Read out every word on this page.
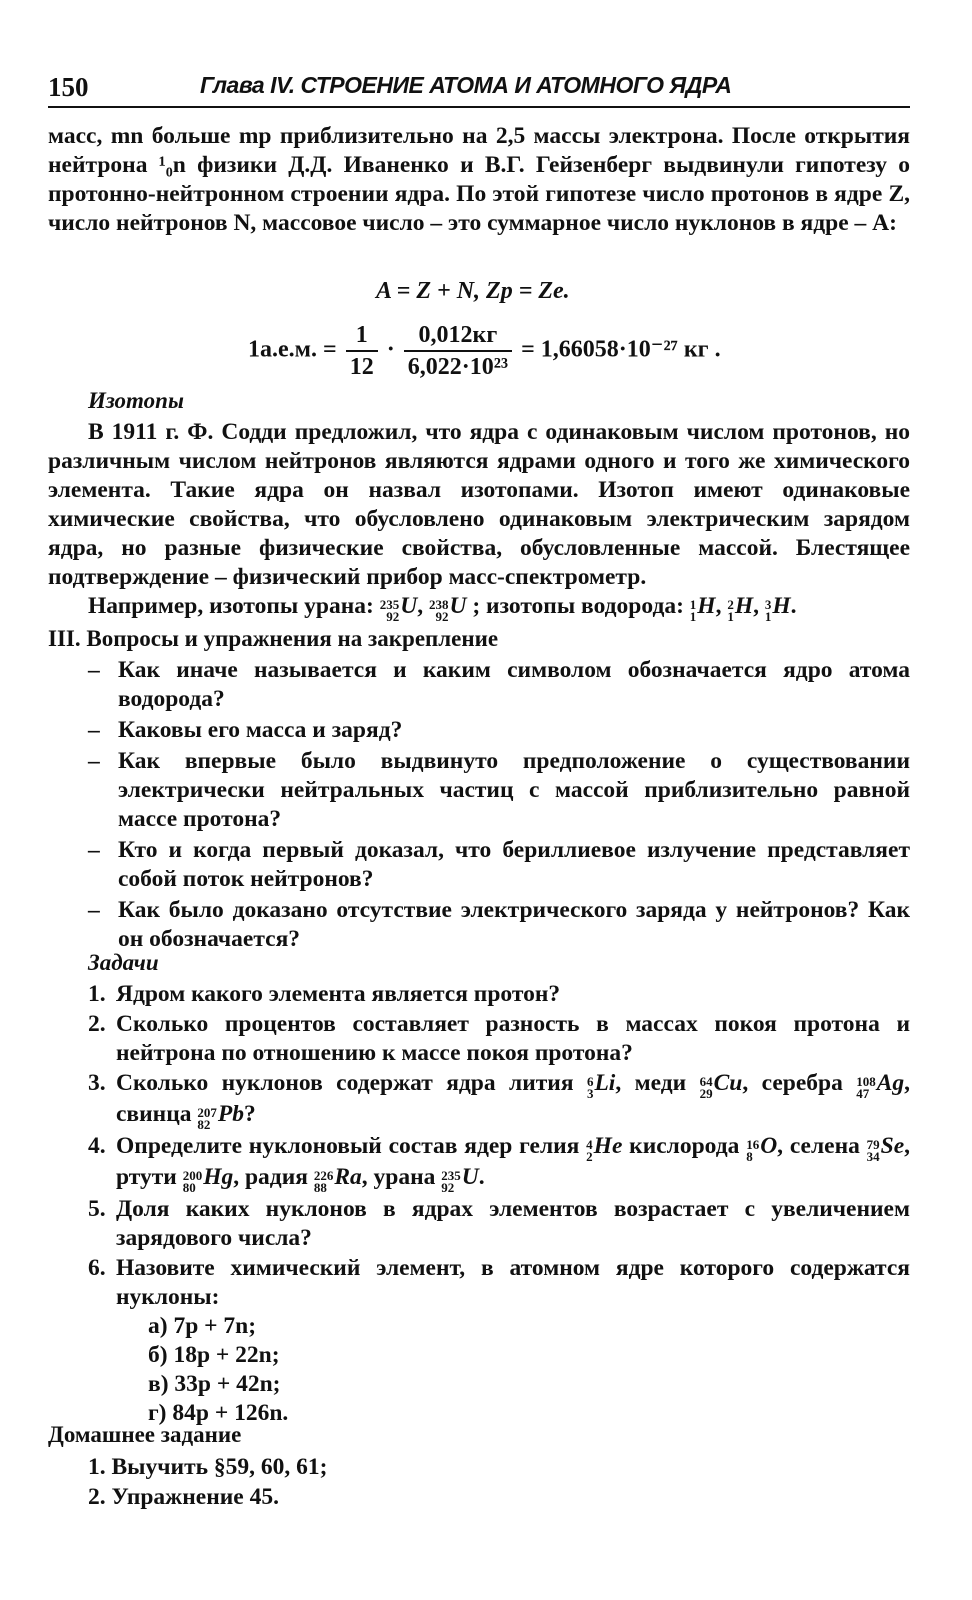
150	Глава IV. СТРОЕНИЕ АТОМА И АТОМНОГО ЯДРА
масс, mn больше mp приблизительно на 2,5 массы электрона. После открытия нейтрона ¹₀n физики Д.Д. Иваненко и В.Г. Гейзенберг выдвинули гипотезу о протонно-нейтронном строении ядра. По этой гипотезе число протонов в ядре Z, число нейтронов N, массовое число – это суммарное число нуклонов в ядре – A:
A = Z + N, Zp = Ze.
1а.е.м. = $\frac{1}{12} \cdot \frac{0,012кг}{\text{6,022·10²³}} = 1,66058\cdot 10^{-27}$ кг .
Изотопы
В 1911 г. Ф. Содди предложил, что ядра с одинаковым числом протонов, но различным числом нейтронов являются ядрами одного и того же химического элемента. Такие ядра он назвал изотопами. Изотоп имеют одинаковые химические свойства, что обусловлено одинаковым электрическим зарядом ядра, но разные физические свойства, обусловленные массой. Блестящее подтверждение – физический прибор масс-спектрометр.
Например, изотопы урана: 235
92 U, 238
92 U ; изотопы водорода: 1
1 H, 2
1 H, 3
1 H.
III. Вопросы и упражнения на закрепление
– Как иначе называется и каким символом обозначается ядро атома водорода?
– Каковы его масса и заряд?
– Как впервые было выдвинуто предположение о существовании электрически нейтральных частиц с массой приблизительно равной массе протона?
– Кто и когда первый доказал, что бериллиевое излучение представляет собой поток нейтронов?
– Как было доказано отсутствие электрического заряда у нейтронов? Как он обозначается?
Задачи
1. Ядром какого элемента является протон?
2. Сколько процентов составляет разность в массах покоя протона и нейтрона по отношению к массе покоя протона?
3. Сколько нуклонов содержат ядра лития 6
3 Li, меди 64
29 Cu, серебра 108
47 Ag, свинца 207
82 Pb?
4. Определите нуклоновый состав ядер гелия 4
2 He кислорода 16
8 O, селена 79
34 Se, ртути 200
80 Hg, радия 226
88 Ra, урана 235
92 U.
5. Доля каких нуклонов в ядрах элементов возрастает с увеличением зарядового числа?
6. Назовите химический элемент, в атомном ядре которого содержатся нуклоны:
а) 7р + 7n;
б) 18р + 22n;
в) 33р + 42n;
г) 84р + 126n.
Домашнее задание
1. Выучить §59, 60, 61;
2. Упражнение 45.
